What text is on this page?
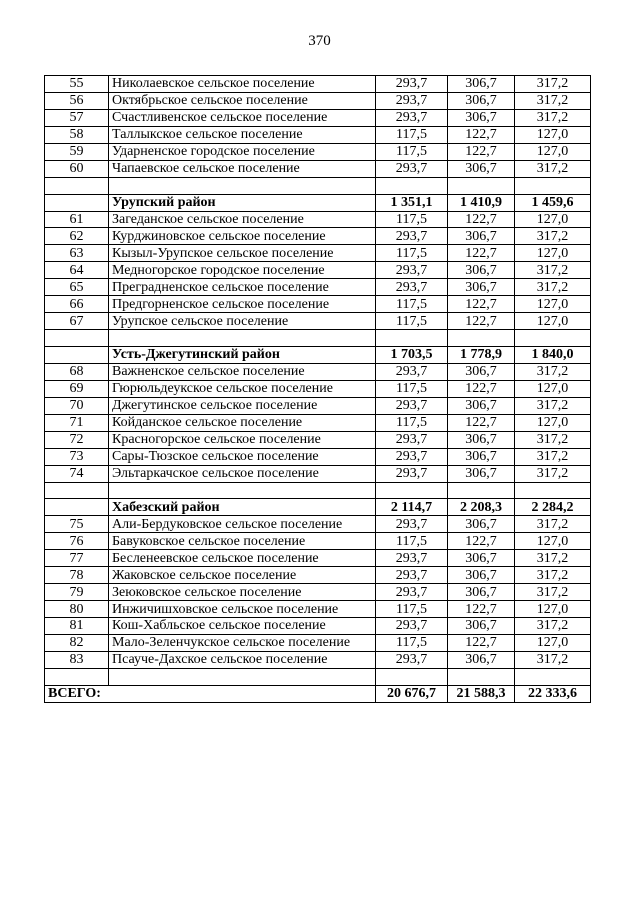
370
55	Николаевское сельское поселение	293,7	306,7	317,2
56	Октябрьское сельское поселение	293,7	306,7	317,2
57	Счастливенское сельское поселение	293,7	306,7	317,2
58	Таллыкское сельское поселение	117,5	122,7	127,0
59	Ударненское городское поселение	117,5	122,7	127,0
60	Чапаевское сельское поселение	293,7	306,7	317,2

	Урупский район	1 351,1	1 410,9	1 459,6
61	Загеданское сельское поселение	117,5	122,7	127,0
62	Курджиновское сельское поселение	293,7	306,7	317,2
63	Кызыл-Урупское сельское поселение	117,5	122,7	127,0
64	Медногорское городское поселение	293,7	306,7	317,2
65	Преградненское сельское поселение	293,7	306,7	317,2
66	Предгорненское сельское поселение	117,5	122,7	127,0
67	Урупское сельское поселение	117,5	122,7	127,0

	Усть-Джегутинский район	1 703,5	1 778,9	1 840,0
68	Важненское сельское поселение	293,7	306,7	317,2
69	Гюрюльдеукское сельское поселение	117,5	122,7	127,0
70	Джегутинское сельское поселение	293,7	306,7	317,2
71	Койданское сельское поселение	117,5	122,7	127,0
72	Красногорское сельское поселение	293,7	306,7	317,2
73	Сары-Тюзское сельское поселение	293,7	306,7	317,2
74	Эльтаркачское сельское поселение	293,7	306,7	317,2

	Хабезский район	2 114,7	2 208,3	2 284,2
75	Али-Бердуковское сельское поселение	293,7	306,7	317,2
76	Бавуковское сельское поселение	117,5	122,7	127,0
77	Бесленеевское сельское поселение	293,7	306,7	317,2
78	Жаковское сельское поселение	293,7	306,7	317,2
79	Зеюковское сельское поселение	293,7	306,7	317,2
80	Инжичишховское сельское поселение	117,5	122,7	127,0
81	Кош-Хабльское сельское поселение	293,7	306,7	317,2
82	Мало-Зеленчукское сельское поселение	117,5	122,7	127,0
83	Псауче-Дахское сельское поселение	293,7	306,7	317,2

ВСЕГО:		20 676,7	21 588,3	22 333,6
